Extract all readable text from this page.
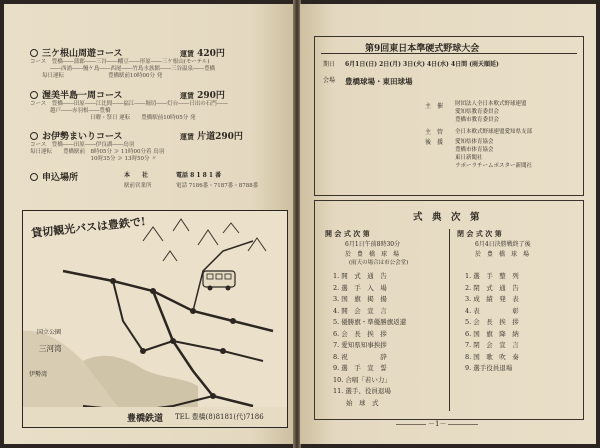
三ケ根山周遊コース	運賃 420円
コース　豊橋――蒲郡――三谷――幡豆――形原――三ケ根山(モーテル)
――西浦――鰻ケ島――西尾――竹島水族館――三谷温泉――豊橋
毎日運転　　　　　　　　豊橋駅前10時00分 発
渥美半島一周コース	運賃 290円
コース　豊橋――田原――江比間――福江――堀切――灯台――日出の石門――
越戸――赤羽根――豊橋
日曜・祭日 運転　　豊橋駅前10時05分 発
お伊勢まいりコース	運賃 片道290円
コース　豊橋――田原――伊良湖――鳥羽
毎日運転　　豊橋駅前　8時05分 ≫ 11時00分着 鳥羽
　　　　　　　　　　　10時35分 ≫ 13時50分 〃
申込場所	本　　社	電話 8 1 8 1 番
駅前営業所	電話 7186番・7187番・8788番
貸切観光バスは豊鉄で!
国立公園
三河湾
伊勢湾
豊橋鉄道 TEL 豊橋(8)8181(代)7186
第9回東日本準硬式野球大会
期日 6月1日(日) 2日(月) 3日(火) 4日(水) 4日間 (雨天順延)
会場 豊橋球場・東田球場
主　催 財団法人全日本軟式野球連盟
愛知県教育委員会
豊橋市教育委員会
主　管 全日本軟式野球連盟愛知県支部
後　援 愛知県体育協会
豊橋市体育協会
東日新聞社
ラポーラチームポスター新聞社
式　典　次　第
開 会 式 次 第
6月1日午前8時30分
於　豊　橋　球　場
(雨天の場合は市公会堂)
1. 開　式　通　告
2. 選　手　入　場
3. 国　旗　掲　揚
4. 開　会　宣　言
5. 優勝旗・準優勝旗返還
6. 会　長　挨　拶
7. 愛知県知事挨拶
8. 祝　　　　　辞
9. 選　手　宣　誓
10. 合唱「若い力」
11. 選手、役員退場
　　始　球　式
閉 会 式 次 第
6月4日決勝戦終了後
於　豊　橋　球　場
1. 選　手　整　列
2. 閉　式　通　告
3. 成　績　発　表
4. 表　　　　　彰
5. 会　長　挨　拶
6. 国　旗　降　納
7. 閉　会　宣　言
8. 国　歌　吹　奏
9. 選手役員退場
－1－
